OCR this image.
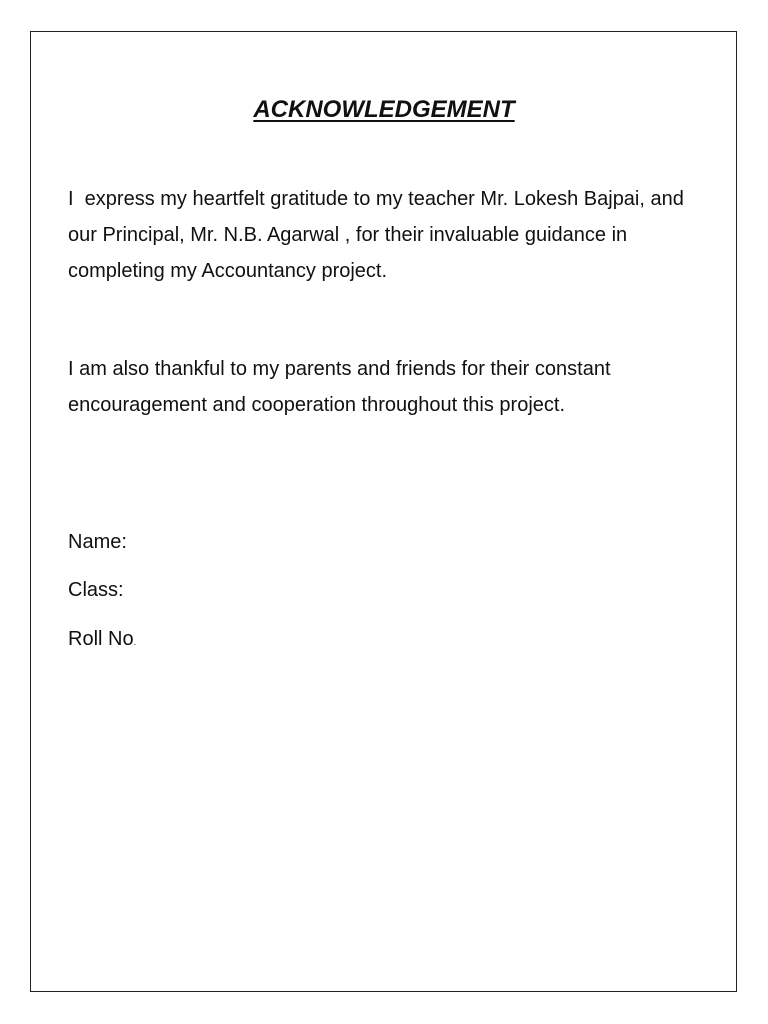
ACKNOWLEDGEMENT

I  express my heartfelt gratitude to my teacher Mr. Lokesh Bajpai, and our Principal, Mr. N.B. Agarwal , for their invaluable guidance in completing my Accountancy project.

I am also thankful to my parents and friends for their constant encouragement and cooperation throughout this project.

Name:

Class:

Roll No.
